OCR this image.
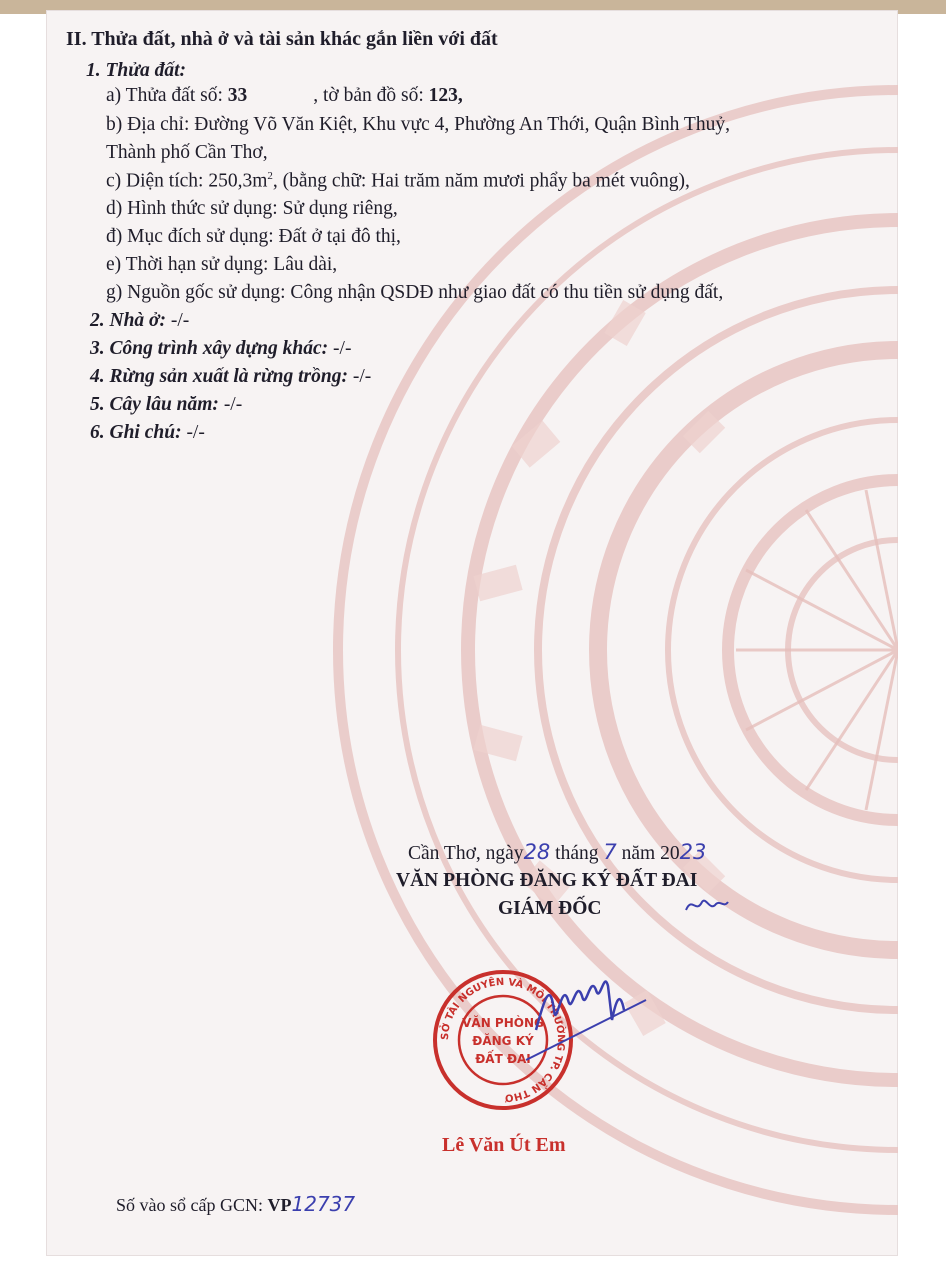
II. Thửa đất, nhà ở và tài sản khác gắn liền với đất
1. Thửa đất:
a) Thửa đất số: 33	, tờ bản đồ số: 123,
b) Địa chỉ: Đường Võ Văn Kiệt, Khu vực 4, Phường An Thới, Quận Bình Thuỷ,
Thành phố Cần Thơ,
c) Diện tích: $250,3m^2$, (bằng chữ: Hai trăm năm mươi phẩy ba mét vuông),
d) Hình thức sử dụng: Sử dụng riêng,
đ) Mục đích sử dụng: Đất ở tại đô thị,
e) Thời hạn sử dụng: Lâu dài,
g) Nguồn gốc sử dụng: Công nhận QSDĐ như giao đất có thu tiền sử dụng đất,
2. Nhà ở: -/-
3. Công trình xây dựng khác: -/-
4. Rừng sản xuất là rừng trồng: -/-
5. Cây lâu năm: -/-
6. Ghi chú: -/-
Cần Thơ, ngày28 tháng 7 năm 2023
VĂN PHÒNG ĐĂNG KÝ ĐẤT ĐAI
GIÁM ĐỐC
SỞ TÀI NGUYÊN VÀ MÔI TRƯỜNG TP. CẦN THƠ
VĂN PHÒNG
ĐĂNG KÝ
ĐẤT ĐAI
Lê Văn Út Em
Số vào sổ cấp GCN: VP12737
